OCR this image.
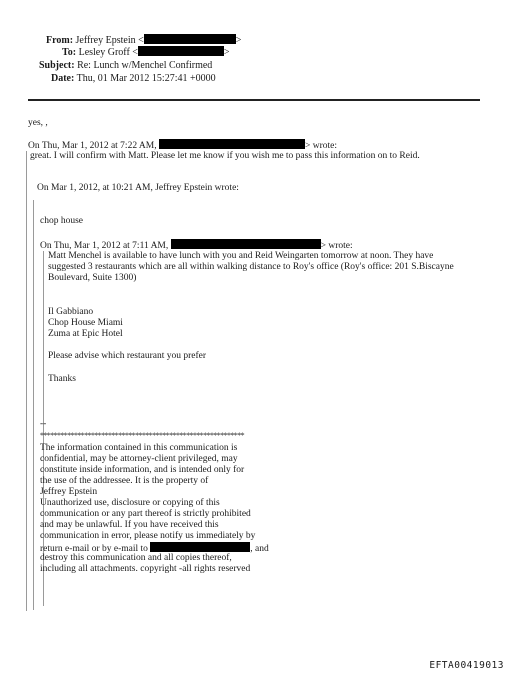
From: Jeffrey Epstein <	>
To: Lesley Groff <	>
Subject: Re: Lunch w/Menchel Confirmed
Date: Thu, 01 Mar 2012 15:27:41 +0000
yes, ,
On Thu, Mar 1, 2012 at 7:22 AM,	> wrote:
great. I will confirm with Matt. Please let me know if you wish me to pass this information on to Reid.
On Mar 1, 2012, at 10:21 AM, Jeffrey Epstein wrote:
chop house
On Thu, Mar 1, 2012 at 7:11 AM,	> wrote:
Matt Menchel is available to have lunch with you and Reid Weingarten tomorrow at noon. They have
suggested 3 restaurants which are all within walking distance to Roy's office (Roy's office: 201 S.Biscayne
Boulevard, Suite 1300)
Il Gabbiano
Chop House Miami
Zuma at Epic Hotel
Please advise which restaurant you prefer
Thanks
--
************************************************************
The information contained in this communication is
confidential, may be attorney-client privileged, may
constitute inside information, and is intended only for
the use of the addressee. It is the property of
Jeffrey Epstein
Unauthorized use, disclosure or copying of this
communication or any part thereof is strictly prohibited
and may be unlawful. If you have received this
communication in error, please notify us immediately by
return e-mail or by e-mail to	, and
destroy this communication and all copies thereof,
including all attachments. copyright -all rights reserved
EFTA00419013
